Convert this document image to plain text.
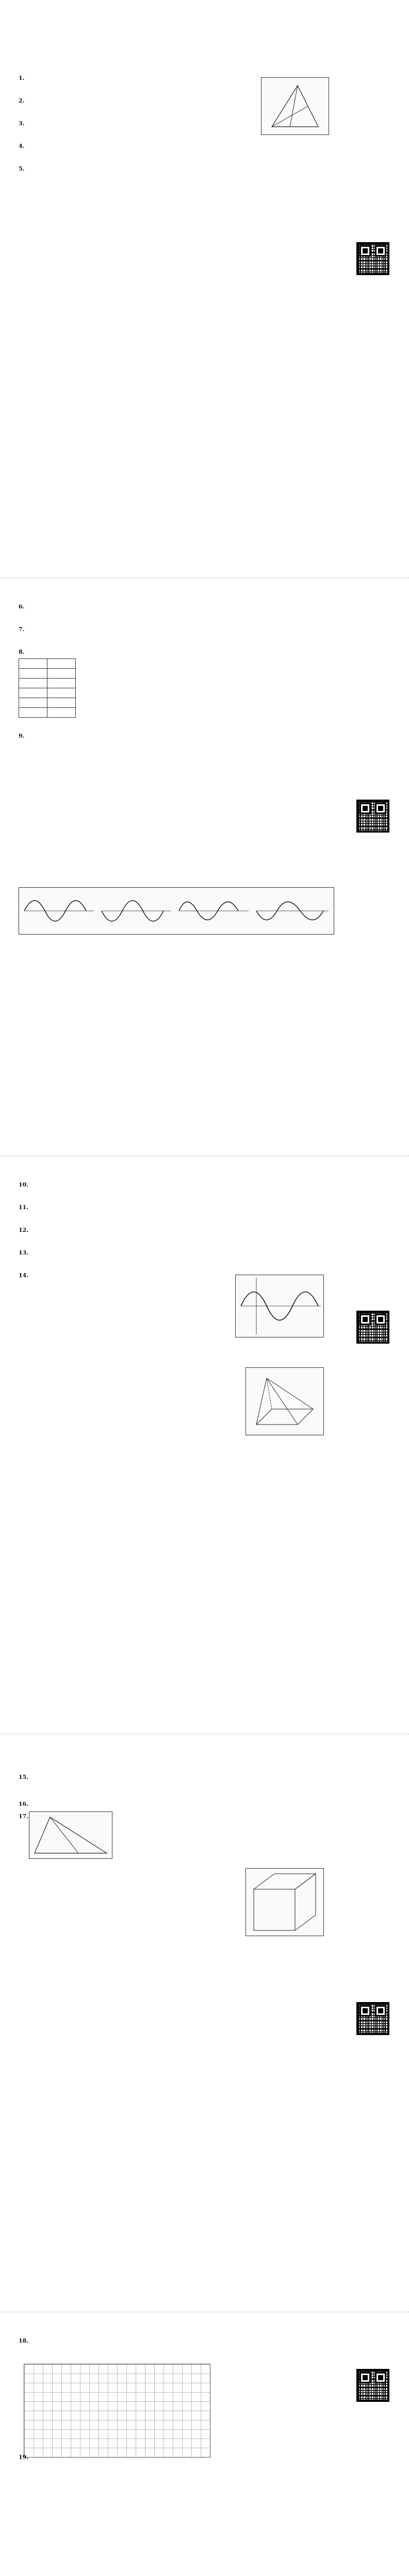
1.
2.
3.
4.
5.
6.
7.
8.

9.
10.
11.
12.
13.
14.
15.
16.
17.
18.
19.
